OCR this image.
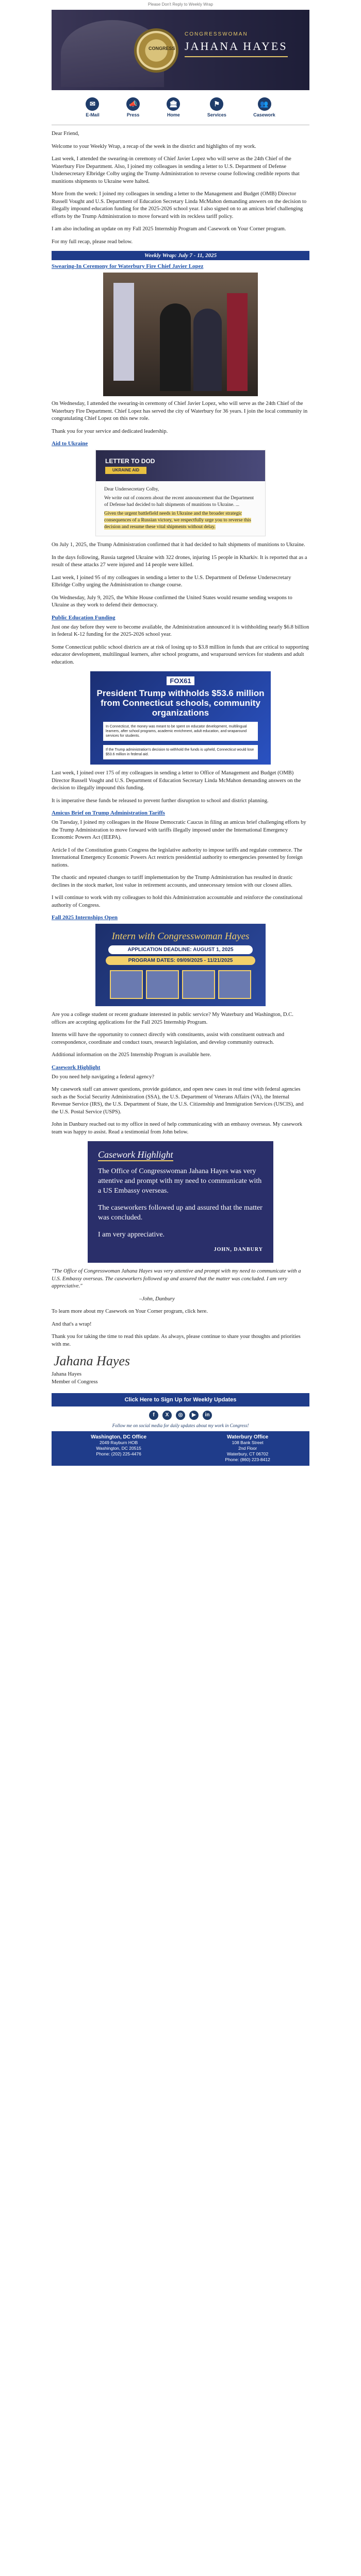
Please Don't Reply to Weekly Wrap
CONGRESS
CONGRESSWOMAN
JAHANA HAYES
✉
E-Mail
📣
Press
🏛
Home
⚑
Services
👥
Casework

Dear Friend,

Welcome to your Weekly Wrap, a recap of the week in the district and highlights of my work.

Last week, I attended the swearing-in ceremony of Chief Javier Lopez who will serve as the 24th Chief of the Waterbury Fire Department. Also, I joined my colleagues in sending a letter to U.S. Department of Defense Undersecretary Elbridge Colby urging the Trump Administration to reverse course following credible reports that munitions shipments to Ukraine were halted.

More from the week: I joined my colleagues in sending a letter to the Management and Budget (OMB) Director Russell Vought and U.S. Department of Education Secretary Linda McMahon demanding answers on the decision to illegally impound education funding for the 2025-2026 school year. I also signed on to an amicus brief challenging efforts by the Trump Administration to move forward with its reckless tariff policy.

I am also including an update on my Fall 2025 Internship Program and Casework on Your Corner program.

For my full recap, please read below.

Weekly Wrap: July 7 - 11, 2025
Swearing-In Ceremony for Waterbury Fire Chief Javier Lopez

On Wednesday, I attended the swearing-in ceremony of Chief Javier Lopez, who will serve as the 24th Chief of the Waterbury Fire Department. Chief Lopez has served the city of Waterbury for 36 years. I join the local community in congratulating Chief Lopez on this new role.

Thank you for your service and dedicated leadership.

Aid to Ukraine
LETTER TO DOD
UKRAINE AID
Dear Undersecretary Colby,
We write out of concern about the recent announcement that the Department of Defense had decided to halt shipments of munitions to Ukraine. ...
Given the urgent battlefield needs in Ukraine and the broader strategic consequences of a Russian victory, we respectfully urge you to reverse this decision and resume these vital shipments without delay.

On July 1, 2025, the Trump Administration confirmed that it had decided to halt shipments of munitions to Ukraine.

In the days following, Russia targeted Ukraine with 322 drones, injuring 15 people in Kharkiv. It is reported that as a result of these attacks 27 were injured and 14 people were killed.

Last week, I joined 95 of my colleagues in sending a letter to the U.S. Department of Defense Undersecretary Elbridge Colby urging the Administration to change course.

On Wednesday, July 9, 2025, the White House confirmed the United States would resume sending weapons to Ukraine as they work to defend their democracy.

Public Education Funding

Just one day before they were to become available, the Administration announced it is withholding nearly $6.8 billion in federal K-12 funding for the 2025-2026 school year.

Some Connecticut public school districts are at risk of losing up to $3.8 million in funds that are critical to supporting educator development, multilingual learners, after school programs, and wraparound services for students and adult education.

FOX61
President Trump withholds $53.6 million from Connecticut schools, community organizations
In Connecticut, the money was meant to be spent on educator development, multilingual learners, after school programs, academic enrichment, adult education, and wraparound services for students.
If the Trump administration's decision to withhold the funds is upheld, Connecticut would lose $53.6 million in federal aid.

Last week, I joined over 175 of my colleagues in sending a letter to Office of Management and Budget (OMB) Director Russell Vought and U.S. Department of Education Secretary Linda McMahon demanding answers on the decision to illegally impound this funding.

It is imperative these funds be released to prevent further disruption to school and district planning.

Amicus Brief on Trump Administration Tariffs

On Tuesday, I joined my colleagues in the House Democratic Caucus in filing an amicus brief challenging efforts by the Trump Administration to move forward with tariffs illegally imposed under the International Emergency Economic Powers Act (IEEPA).

Article I of the Constitution grants Congress the legislative authority to impose tariffs and regulate commerce. The International Emergency Economic Powers Act restricts presidential authority to emergencies presented by foreign nations.

The chaotic and repeated changes to tariff implementation by the Trump Administration has resulted in drastic declines in the stock market, lost value in retirement accounts, and unnecessary tension with our closest allies.

I will continue to work with my colleagues to hold this Administration accountable and reinforce the constitutional authority of Congress.

Fall 2025 Internships Open
Intern with Congresswoman Hayes
APPLICATION DEADLINE: AUGUST 1, 2025
PROGRAM DATES: 09/09/2025 - 11/21/2025

Are you a college student or recent graduate interested in public service? My Waterbury and Washington, D.C. offices are accepting applications for the Fall 2025 Internship Program.

Interns will have the opportunity to connect directly with constituents, assist with constituent outreach and correspondence, coordinate and conduct tours, research legislation, and develop community outreach.

Additional information on the 2025 Internship Program is available here.

Casework Highlight

Do you need help navigating a federal agency?

My casework staff can answer questions, provide guidance, and open new cases in real time with federal agencies such as the Social Security Administration (SSA), the U.S. Department of Veterans Affairs (VA), the Internal Revenue Service (IRS), the U.S. Department of State, the U.S. Citizenship and Immigration Services (USCIS), and the U.S. Postal Service (USPS).

John in Danbury reached out to my office in need of help communicating with an embassy overseas. My casework team was happy to assist. Read a testimonial from John below.

Casework Highlight
The Office of Congresswoman Jahana Hayes was very attentive and prompt with my need to communicate with a US Embassy overseas.
The caseworkers followed up and assured that the matter was concluded.
I am very appreciative.
JOHN, DANBURY

"The Office of Congresswoman Jahana Hayes was very attentive and prompt with my need to communicate with a U.S. Embassy overseas. The caseworkers followed up and assured that the matter was concluded. I am very appreciative."

–John, Danbury

To learn more about my Casework on Your Corner program, click here.

And that's a wrap!

Thank you for taking the time to read this update. As always, please continue to share your thoughts and priorities with me.

Jahana Hayes

Jahana Hayes

Member of Congress

Click Here to Sign Up for Weekly Updates
f	X	◎	▶	in
Follow me on social media for daily updates about my work in Congress!
Washington, DC Office
2049 Rayburn HOB
Washington, DC 20515
Phone: (202) 225-4476
Waterbury Office
108 Bank Street
2nd Floor
Waterbury, CT 06702
Phone: (860) 223-8412
